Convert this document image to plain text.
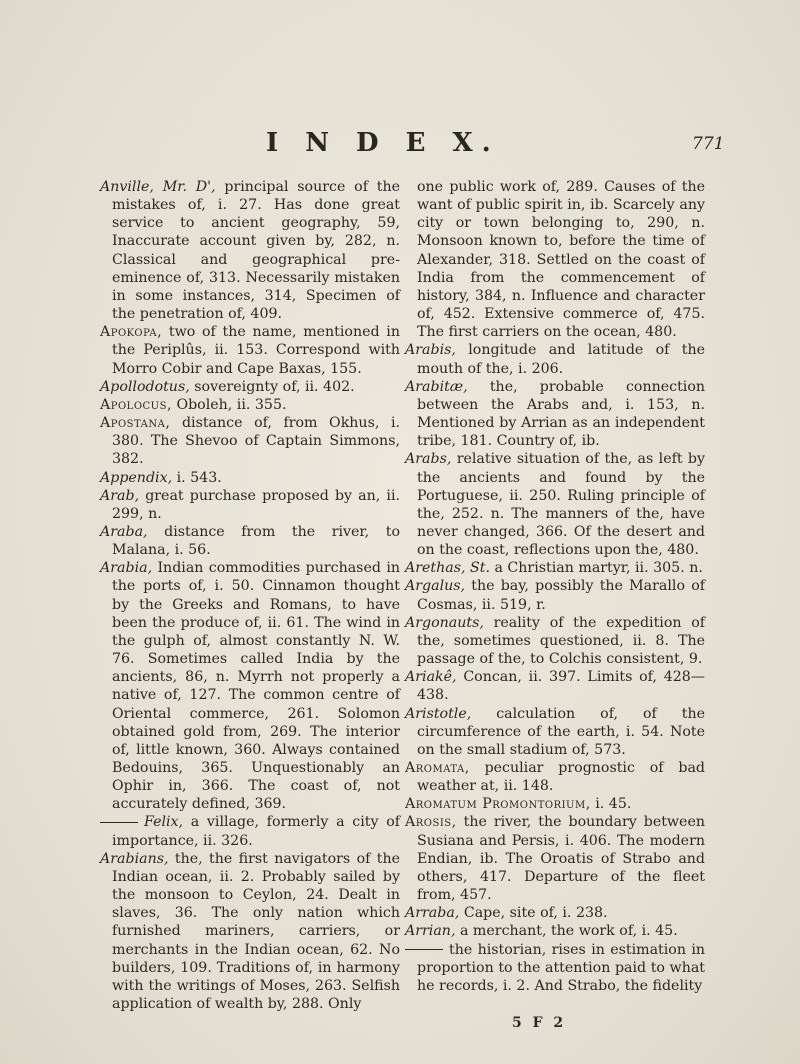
I N D E X.	771

Anville, Mr. D', principal source of the mistakes of, i. 27. Has done great service to ancient geography, 59, Inaccurate account given by, 282, n. Classical and geographical pre-eminence of, 313. Necessarily mistaken in some instances, 314, Specimen of the penetration of, 409.

Apokopa, two of the name, mentioned in the Periplûs, ii. 153. Correspond with Morro Cobir and Cape Baxas, 155.

Apollodotus, sovereignty of, ii. 402.

Apolocus, Oboleh, ii. 355.

Apostana, distance of, from Okhus, i. 380. The Shevoo of Captain Simmons, 382.

Appendix, i. 543.

Arab, great purchase proposed by an, ii. 299, n.

Araba, distance from the river, to Malana, i. 56.

Arabia, Indian commodities purchased in the ports of, i. 50. Cinnamon thought by the Greeks and Romans, to have been the produce of, ii. 61. The wind in the gulph of, almost constantly N. W. 76. Sometimes called India by the ancients, 86, n. Myrrh not properly a native of, 127. The common centre of Oriental commerce, 261. Solomon obtained gold from, 269. The interior of, little known, 360. Always contained Bedouins, 365. Unquestionably an Ophir in, 366. The coast of, not accurately defined, 369.

Felix, a village, formerly a city of importance, ii. 326.

Arabians, the, the first navigators of the Indian ocean, ii. 2. Probably sailed by the monsoon to Ceylon, 24. Dealt in slaves, 36. The only nation which furnished mariners, carriers, or merchants in the Indian ocean, 62. No builders, 109. Traditions of, in harmony with the writings of Moses, 263. Selfish application of wealth by, 288. Only

one public work of, 289. Causes of the want of public spirit in, ib. Scarcely any city or town belonging to, 290, n. Monsoon known to, before the time of Alexander, 318. Settled on the coast of India from the commencement of history, 384, n. Influence and character of, 452. Extensive commerce of, 475. The first carriers on the ocean, 480.

Arabis, longitude and latitude of the mouth of the, i. 206.

Arabitæ, the, probable connection between the Arabs and, i. 153, n. Mentioned by Arrian as an independent tribe, 181. Country of, ib.

Arabs, relative situation of the, as left by the ancients and found by the Portuguese, ii. 250. Ruling principle of the, 252. n. The manners of the, have never changed, 366. Of the desert and on the coast, reflections upon the, 480.

Arethas, St. a Christian martyr, ii. 305. n.

Argalus, the bay, possibly the Marallo of Cosmas, ii. 519, r.

Argonauts, reality of the expedition of the, sometimes questioned, ii. 8. The passage of the, to Colchis consistent, 9.

Ariakê, Concan, ii. 397. Limits of, 428—438.

Aristotle, calculation of, of the circumference of the earth, i. 54. Note on the small stadium of, 573.

Aromata, peculiar prognostic of bad weather at, ii. 148.

Aromatum Promontorium, i. 45.

Arosis, the river, the boundary between Susiana and Persis, i. 406. The modern Endian, ib. The Oroatis of Strabo and others, 417. Departure of the fleet from, 457.

Arraba, Cape, site of, i. 238.

Arrian, a merchant, the work of, i. 45.

the historian, rises in estimation in proportion to the attention paid to what he records, i. 2. And Strabo, the fidelity

5 F 2
